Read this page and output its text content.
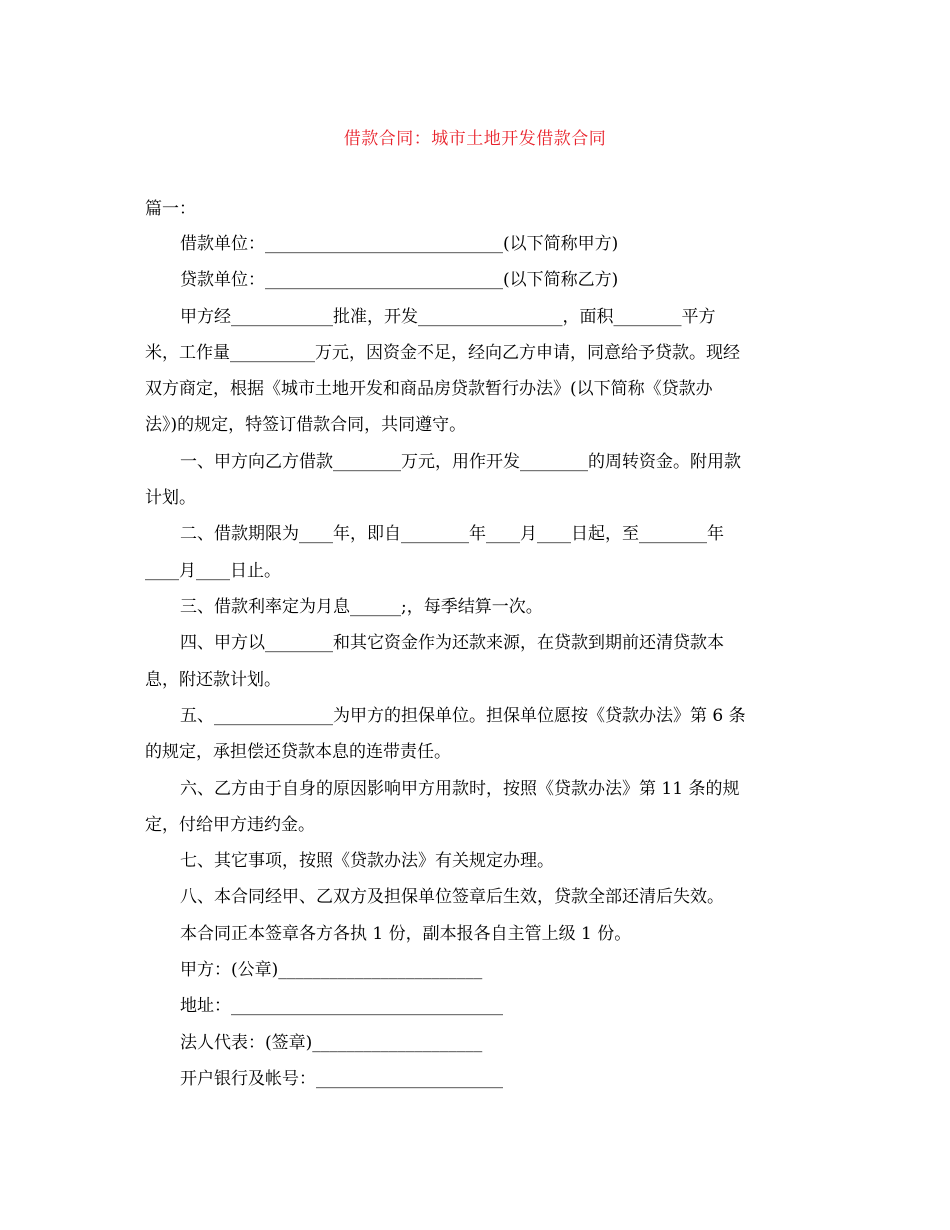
借款合同：城市土地开发借款合同
篇一：
借款单位：____________________________(以下简称甲方)
贷款单位：____________________________(以下简称乙方)
甲方经____________批准，开发_________________，面积________平方
米，工作量__________万元，因资金不足，经向乙方申请，同意给予贷款。现经
双方商定，根据《城市土地开发和商品房贷款暂行办法》(以下简称《贷款办
法》)的规定，特签订借款合同，共同遵守。
一、甲方向乙方借款________万元，用作开发________的周转资金。附用款
计划。
二、借款期限为____年，即自________年____月____日起，至________年
____月____日止。
三、借款利率定为月息______;，每季结算一次。
四、甲方以________和其它资金作为还款来源，在贷款到期前还清贷款本
息，附还款计划。
五、______________为甲方的担保单位。担保单位愿按《贷款办法》第 6 条
的规定，承担偿还贷款本息的连带责任。
六、乙方由于自身的原因影响甲方用款时，按照《贷款办法》第 11 条的规
定，付给甲方违约金。
七、其它事项，按照《贷款办法》有关规定办理。
八、本合同经甲、乙双方及担保单位签章后生效，贷款全部还清后失效。
本合同正本签章各方各执 1 份，副本报各自主管上级 1 份。
甲方：(公章)________________________
地址：________________________________
法人代表：(签章)____________________
开户银行及帐号：______________________
